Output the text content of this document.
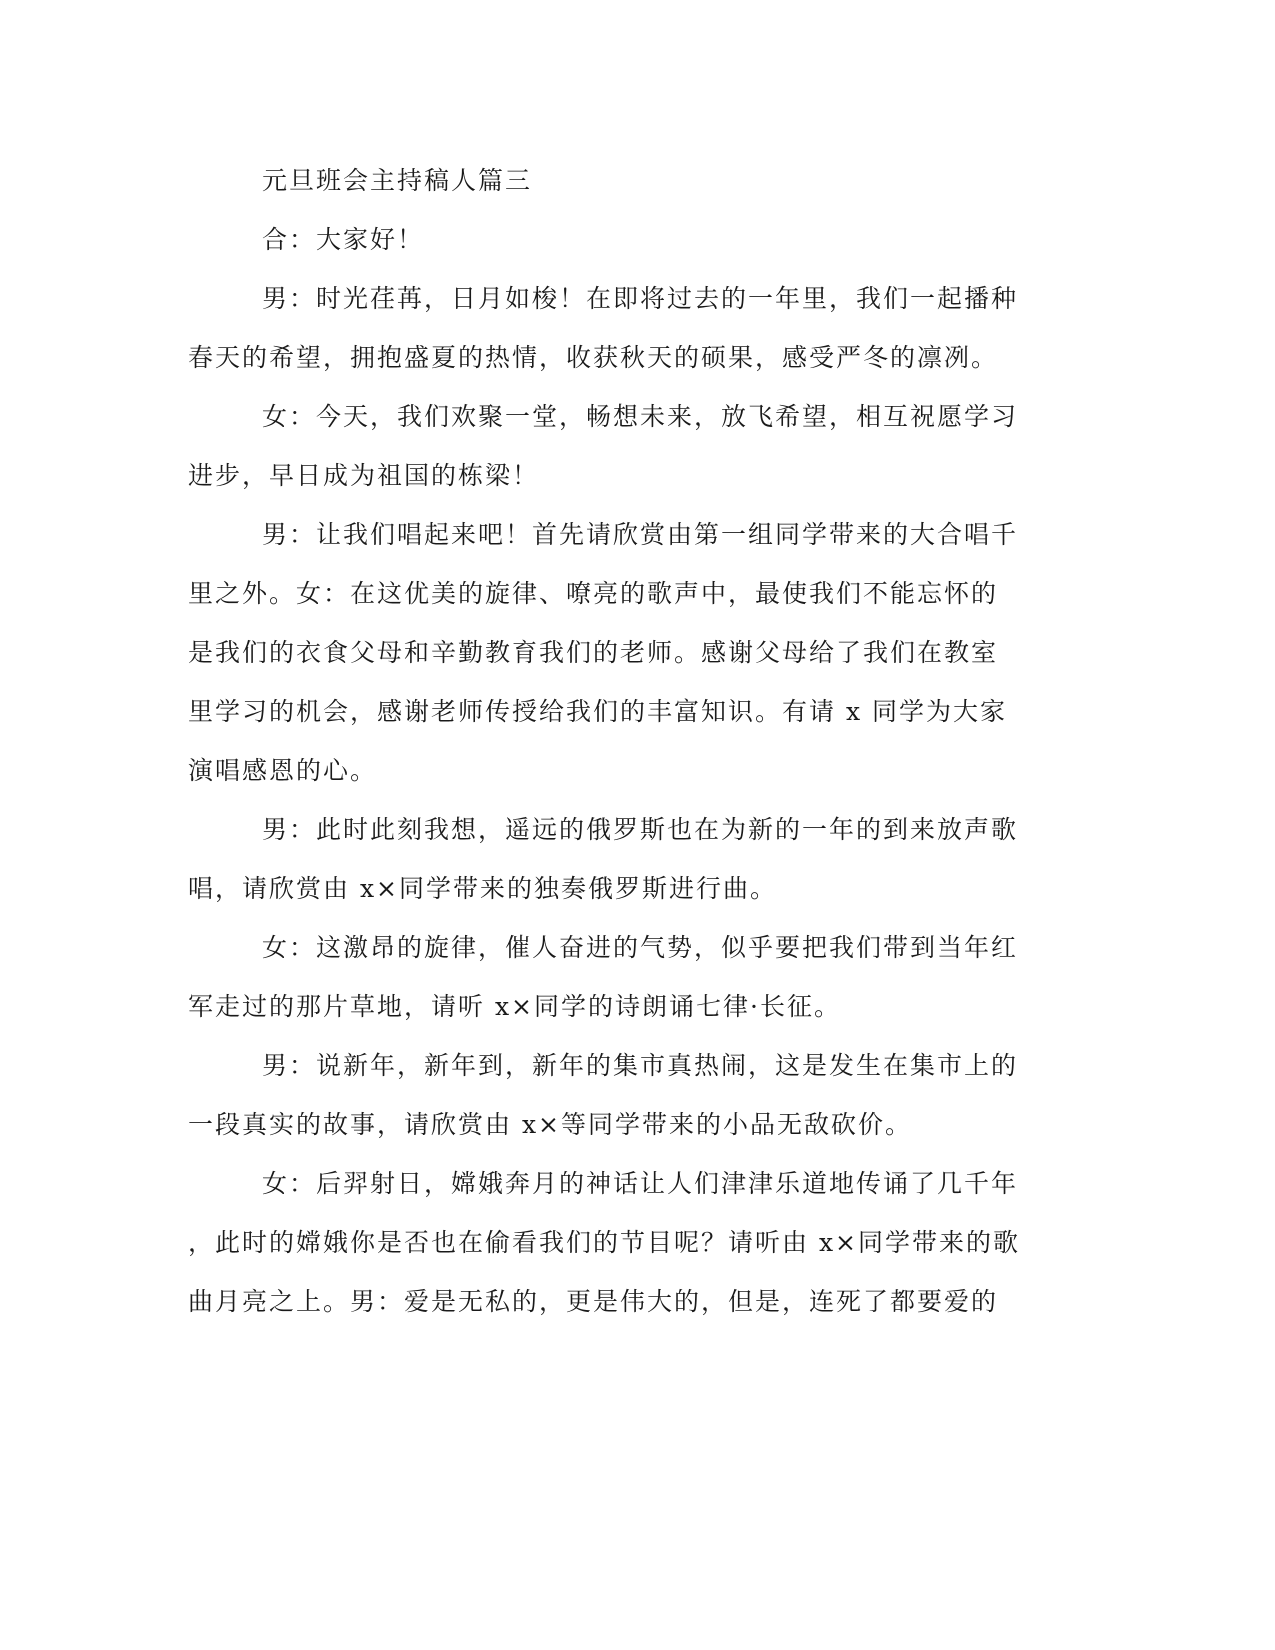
元旦班会主持稿人篇三
合：大家好！
男：时光荏苒，日月如梭！在即将过去的一年里，我们一起播种
春天的希望，拥抱盛夏的热情，收获秋天的硕果，感受严冬的凛冽。
女：今天，我们欢聚一堂，畅想未来，放飞希望，相互祝愿学习
进步，早日成为祖国的栋梁！
男：让我们唱起来吧！首先请欣赏由第一组同学带来的大合唱千
里之外。女：在这优美的旋律、嘹亮的歌声中，最使我们不能忘怀的
是我们的衣食父母和辛勤教育我们的老师。感谢父母给了我们在教室
里学习的机会，感谢老师传授给我们的丰富知识。有请 x 同学为大家
演唱感恩的心。
男：此时此刻我想，遥远的俄罗斯也在为新的一年的到来放声歌
唱，请欣赏由 x×同学带来的独奏俄罗斯进行曲。
女：这激昂的旋律，催人奋进的气势，似乎要把我们带到当年红
军走过的那片草地，请听 x×同学的诗朗诵七律·长征。
男：说新年，新年到，新年的集市真热闹，这是发生在集市上的
一段真实的故事，请欣赏由 x×等同学带来的小品无敌砍价。
女：后羿射日，嫦娥奔月的神话让人们津津乐道地传诵了几千年
，此时的嫦娥你是否也在偷看我们的节目呢？请听由 x×同学带来的歌
曲月亮之上。男：爱是无私的，更是伟大的，但是，连死了都要爱的
